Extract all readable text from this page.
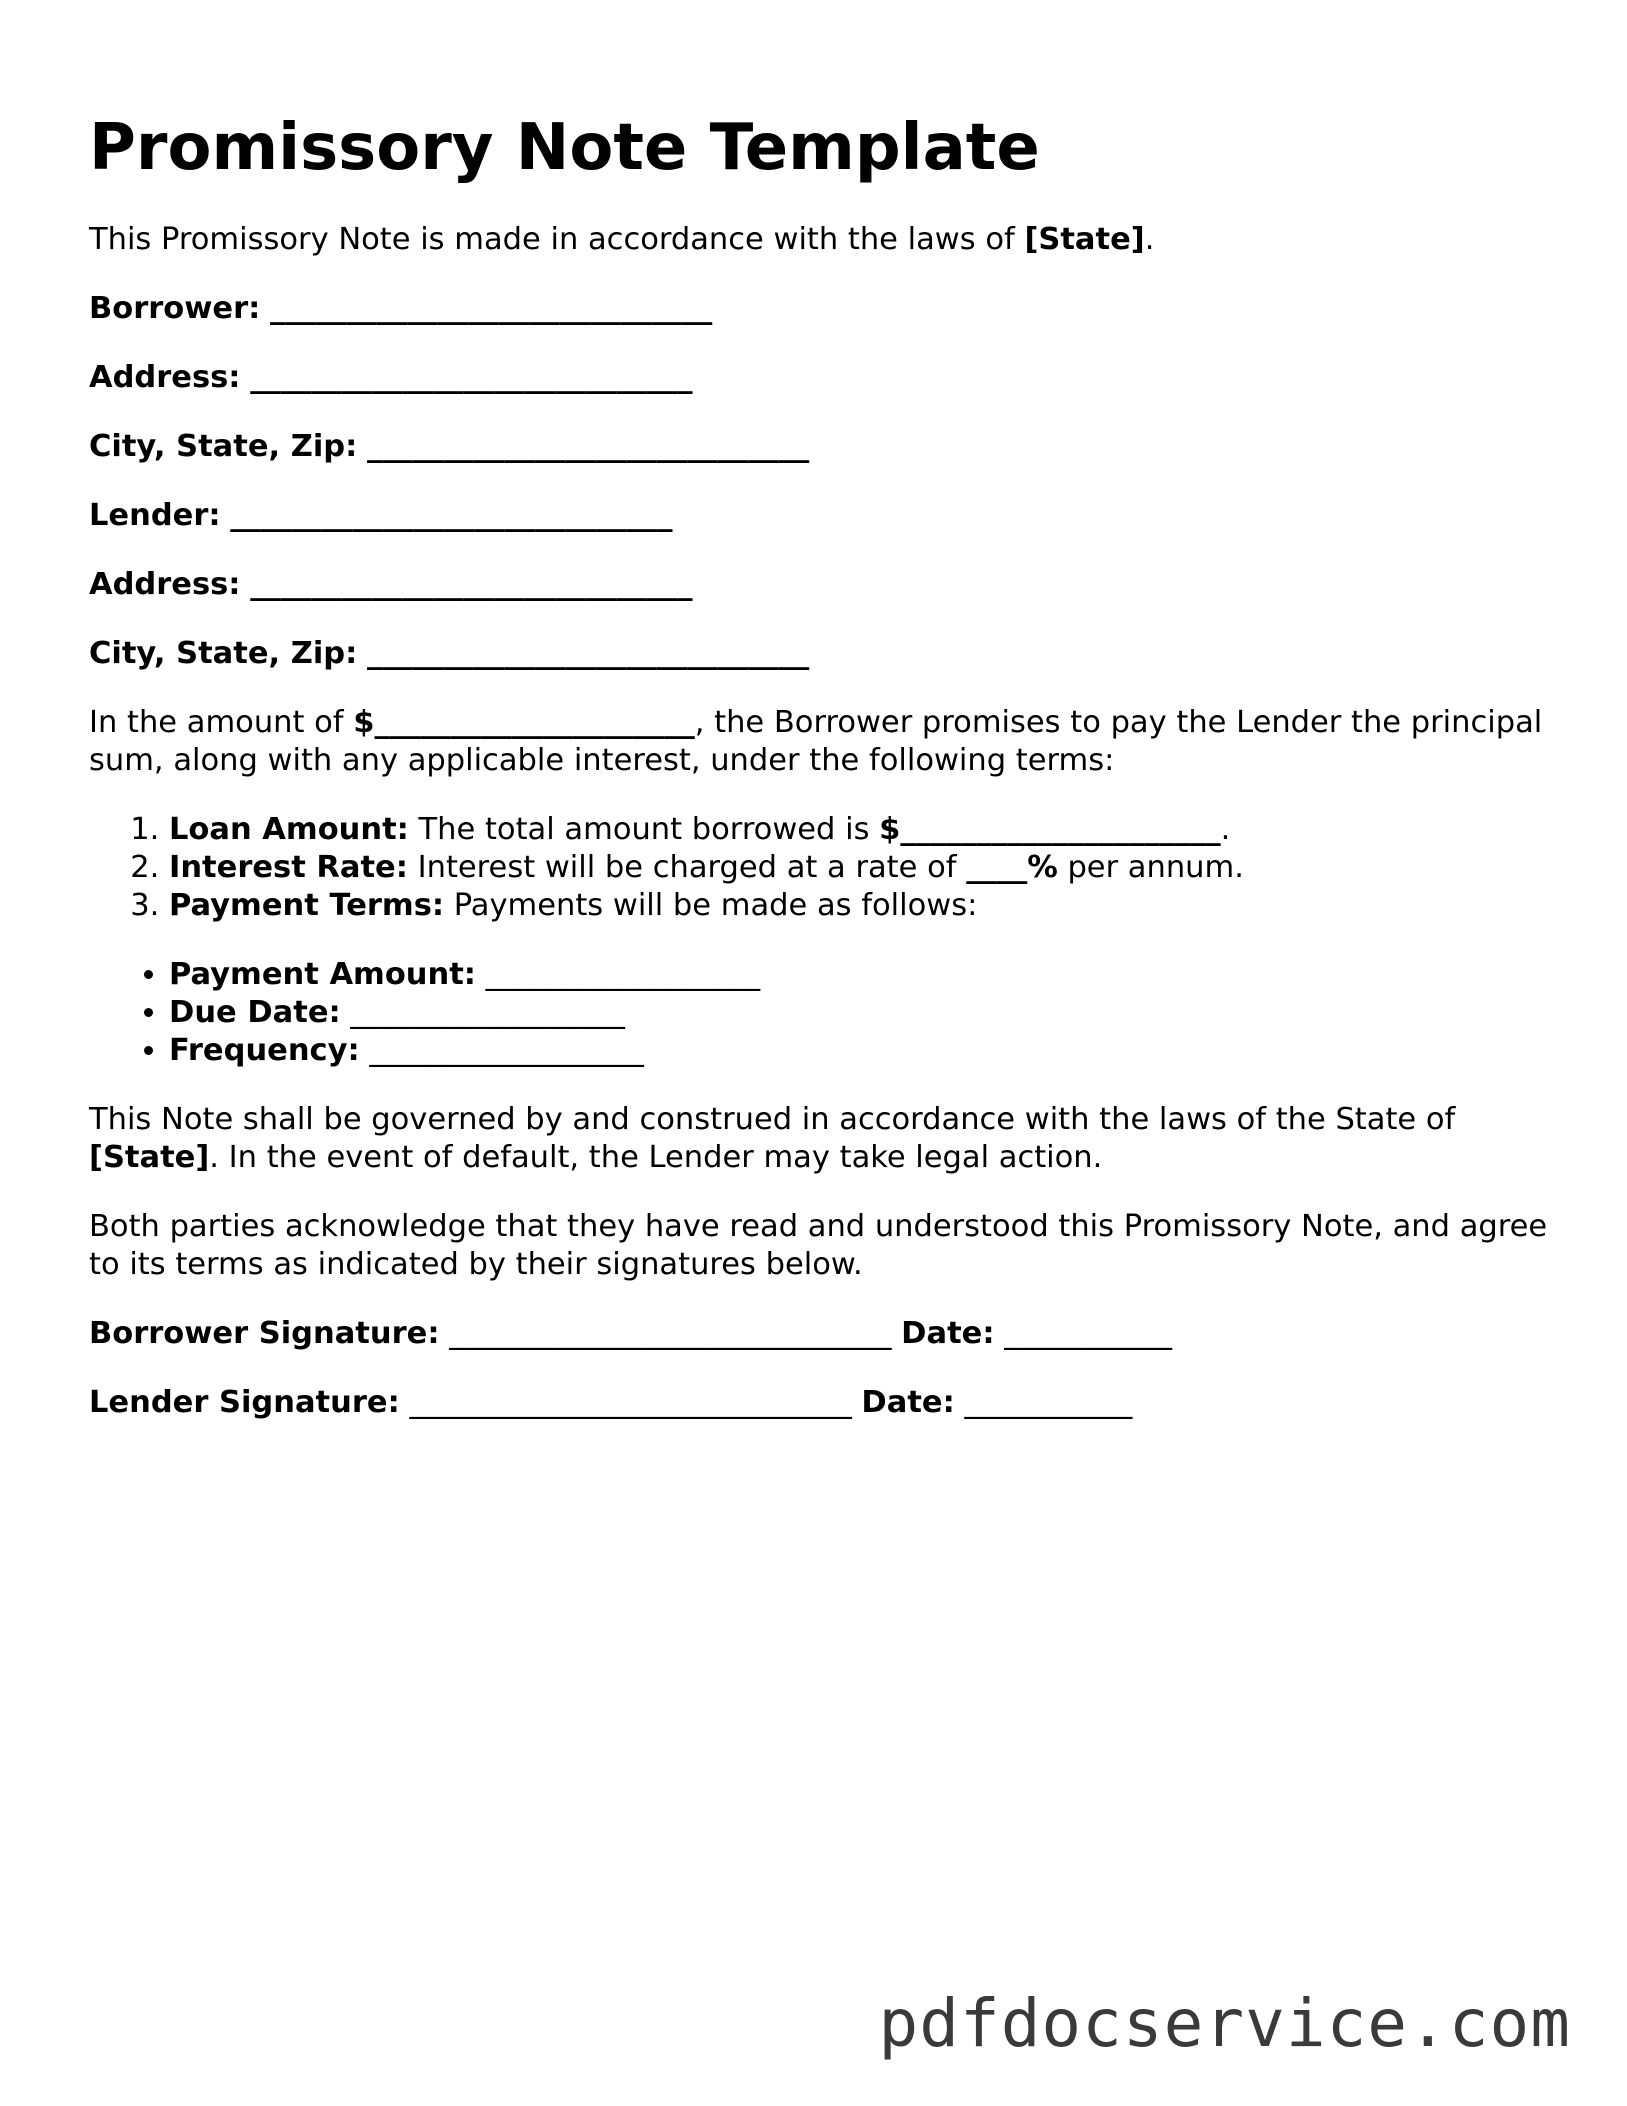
Promissory Note Template

This Promissory Note is made in accordance with the laws of [State].

Borrower: _____________________________
Address: _____________________________
City, State, Zip: _____________________________
Lender: _____________________________
Address: _____________________________
City, State, Zip: _____________________________

In the amount of $_____________________, the Borrower promises to pay the Lender the principal sum, along with any applicable interest, under the following terms:

1. Loan Amount: The total amount borrowed is $_____________________.
2. Interest Rate: Interest will be charged at a rate of ____% per annum.
3. Payment Terms: Payments will be made as follows:
• Payment Amount: __________________
• Due Date: __________________
• Frequency: __________________

This Note shall be governed by and construed in accordance with the laws of the State of [State]. In the event of default, the Lender may take legal action.

Both parties acknowledge that they have read and understood this Promissory Note, and agree to its terms as indicated by their signatures below.

Borrower Signature: _____________________________ Date: ___________
Lender Signature: _____________________________ Date: ___________
pdfdocservice.com
